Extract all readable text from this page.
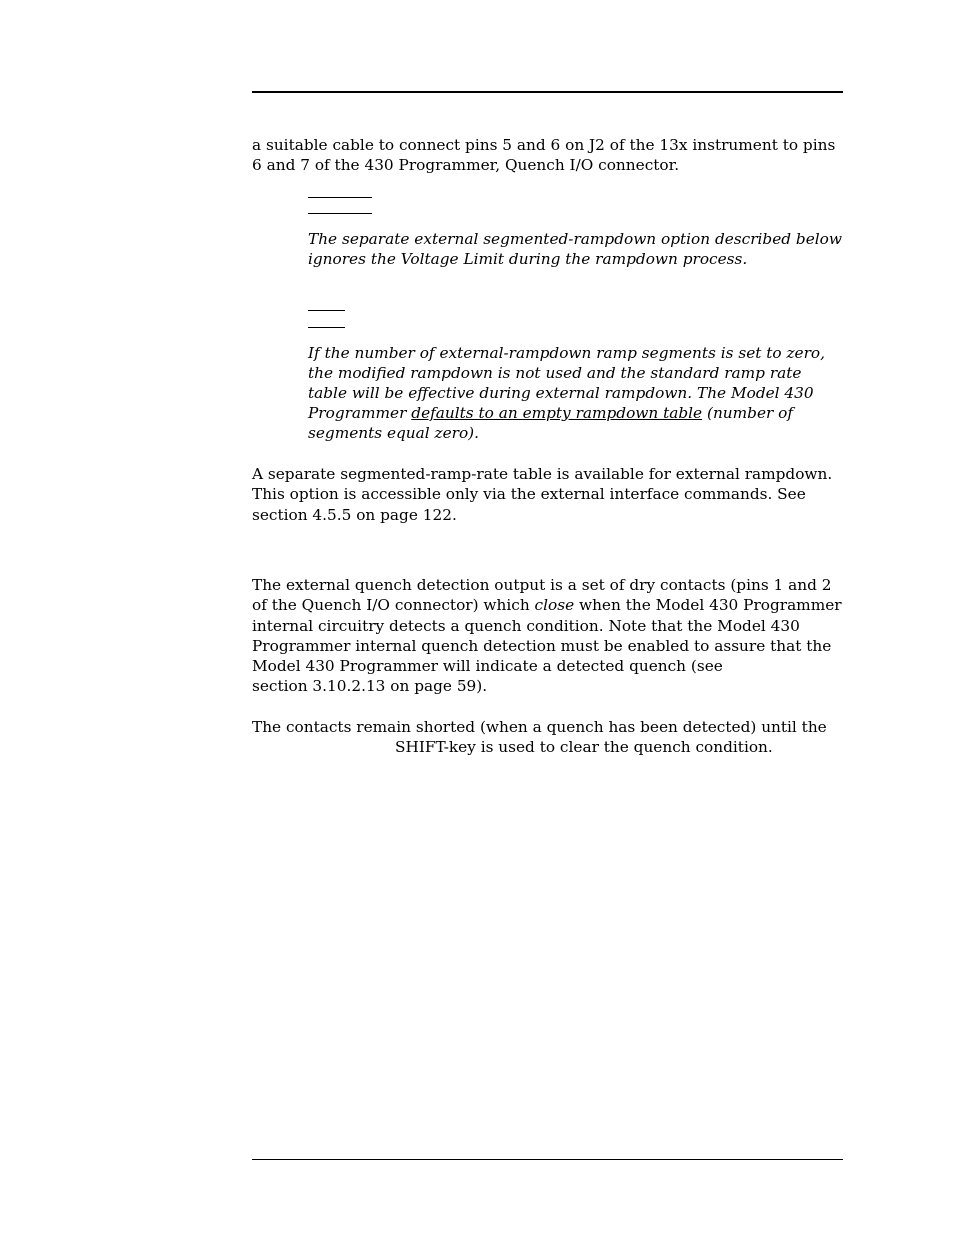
a suitable cable to connect pins 5 and 6 on J2 of the 13x instrument to pins
6 and 7 of the 430 Programmer, Quench I/O connector.
The separate external segmented-rampdown option described below
ignores the Voltage Limit during the rampdown process.
If the number of external-rampdown ramp segments is set to zero,
the modified rampdown is not used and the standard ramp rate
table will be effective during external rampdown. The Model 430
Programmer defaults to an empty rampdown table (number of
segments equal zero).
A separate segmented-ramp-rate table is available for external rampdown.
This option is accessible only via the external interface commands. See
section 4.5.5 on page 122.
The external quench detection output is a set of dry contacts (pins 1 and 2
of the Quench I/O connector) which close when the Model 430 Programmer
internal circuitry detects a quench condition. Note that the Model 430
Programmer internal quench detection must be enabled to assure that the
Model 430 Programmer will indicate a detected quench (see
section 3.10.2.13 on page 59).
The contacts remain shorted (when a quench has been detected) until the
SHIFT-key is used to clear the quench condition.
